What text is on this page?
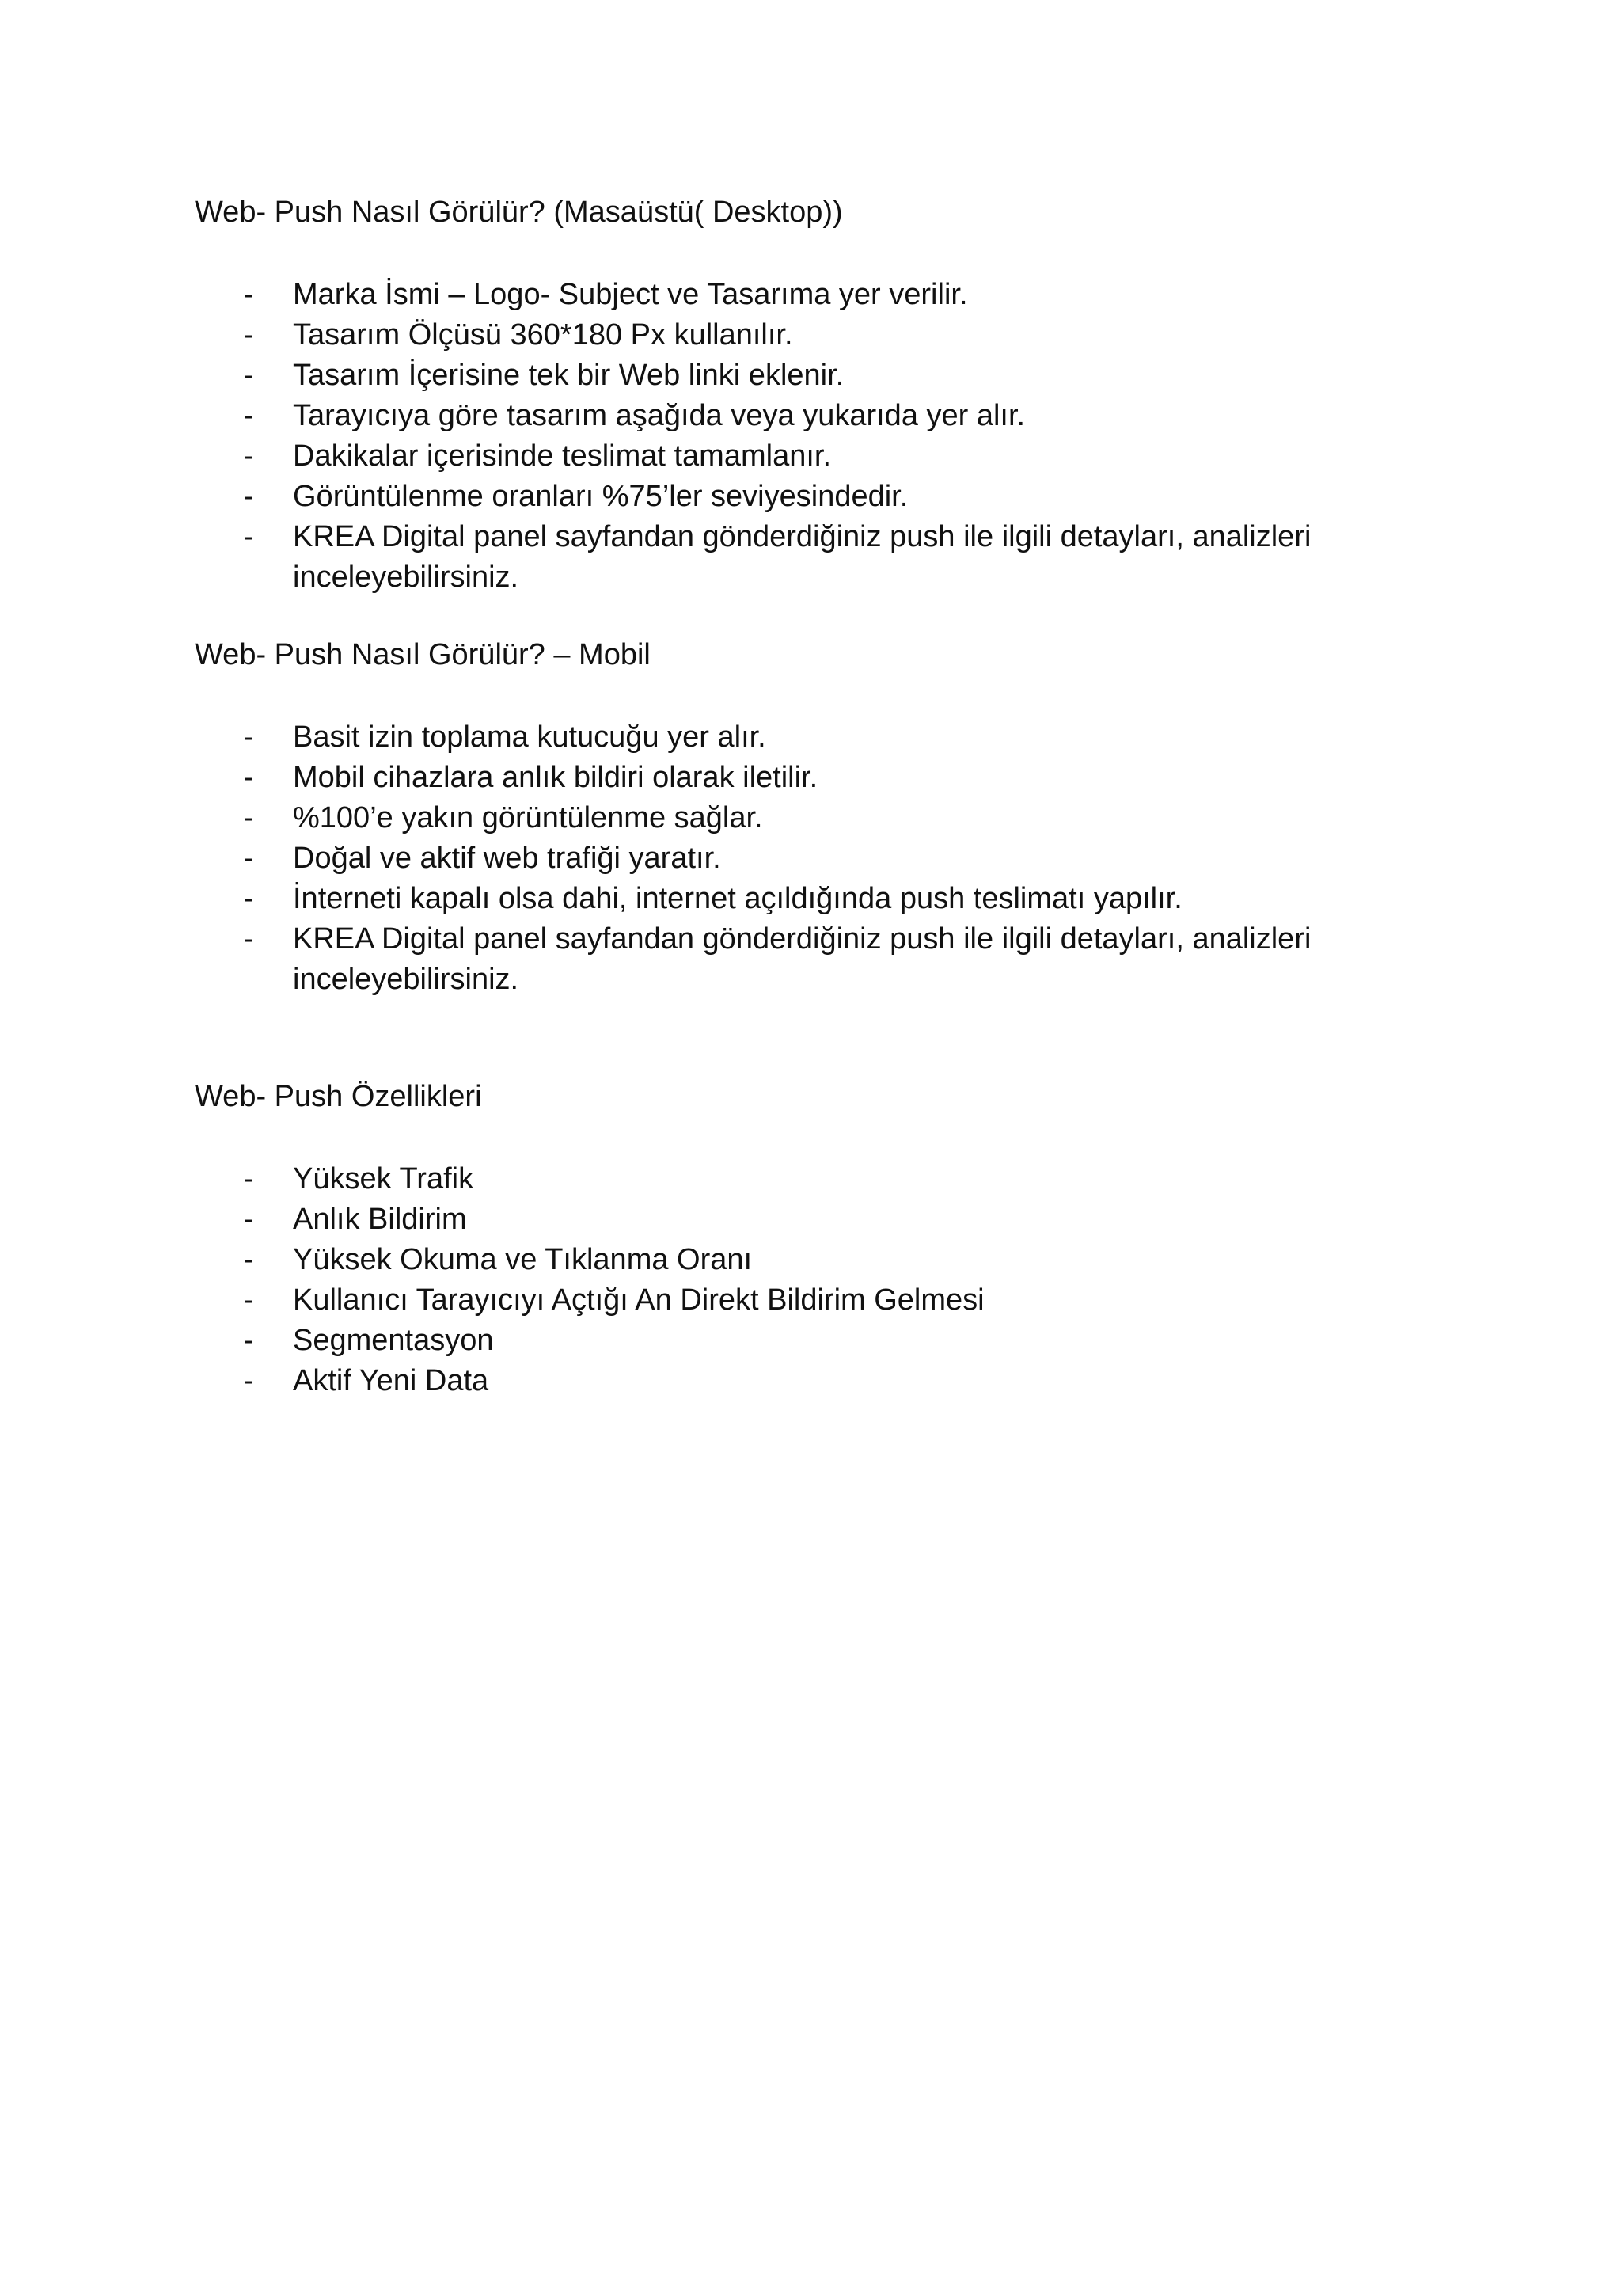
Web- Push Nasıl Görülür? (Masaüstü( Desktop))
- Marka İsmi – Logo- Subject ve Tasarıma yer verilir.
- Tasarım Ölçüsü 360*180 Px kullanılır.
- Tasarım İçerisine tek bir Web linki eklenir.
- Tarayıcıya göre tasarım aşağıda veya yukarıda yer alır.
- Dakikalar içerisinde teslimat tamamlanır.
- Görüntülenme oranları %75’ler seviyesindedir.
- KREA Digital panel sayfandan gönderdiğiniz push ile ilgili detayları, analizleri inceleyebilirsiniz.
Web- Push Nasıl Görülür? – Mobil
- Basit izin toplama kutucuğu yer alır.
- Mobil cihazlara anlık bildiri olarak iletilir.
- %100’e yakın görüntülenme sağlar.
- Doğal ve aktif web trafiği yaratır.
- İnterneti kapalı olsa dahi, internet açıldığında push teslimatı yapılır.
- KREA Digital panel sayfandan gönderdiğiniz push ile ilgili detayları, analizleri inceleyebilirsiniz.
Web- Push Özellikleri
- Yüksek Trafik
- Anlık Bildirim
- Yüksek Okuma ve Tıklanma Oranı
- Kullanıcı Tarayıcıyı Açtığı An Direkt Bildirim Gelmesi
- Segmentasyon
- Aktif Yeni Data
